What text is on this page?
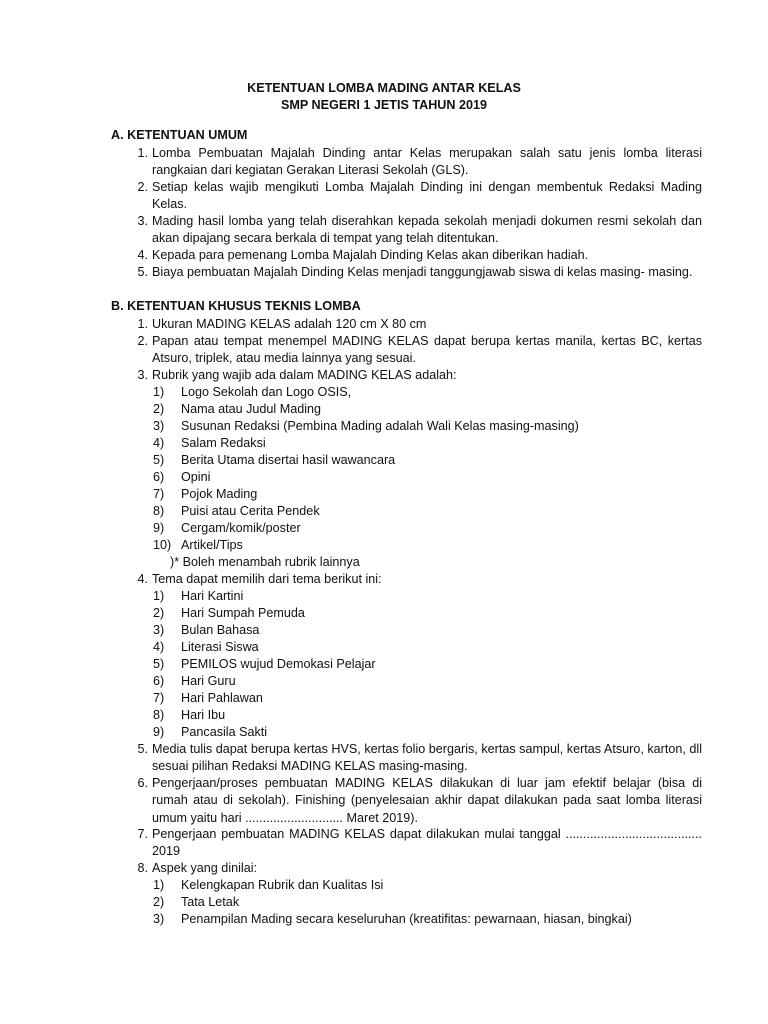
KETENTUAN LOMBA MADING ANTAR KELAS
SMP NEGERI 1 JETIS TAHUN 2019
A. KETENTUAN UMUM
1. Lomba Pembuatan Majalah Dinding antar Kelas merupakan salah satu jenis lomba literasi rangkaian dari kegiatan Gerakan Literasi Sekolah (GLS).
2. Setiap kelas wajib mengikuti Lomba Majalah Dinding ini dengan membentuk Redaksi Mading Kelas.
3. Mading hasil lomba yang telah diserahkan kepada sekolah menjadi dokumen resmi sekolah dan akan dipajang secara berkala di tempat yang telah ditentukan.
4. Kepada para pemenang Lomba Majalah Dinding Kelas akan diberikan hadiah.
5. Biaya pembuatan Majalah Dinding Kelas menjadi tanggungjawab siswa di kelas masing- masing.
B. KETENTUAN KHUSUS TEKNIS LOMBA
1. Ukuran MADING KELAS adalah 120 cm X 80 cm
2. Papan atau tempat menempel MADING KELAS dapat berupa kertas manila, kertas BC, kertas Atsuro, triplek, atau media lainnya yang sesuai.
3. Rubrik yang wajib ada dalam MADING KELAS adalah:
1) Logo Sekolah dan Logo OSIS,
2) Nama atau Judul Mading
3) Susunan Redaksi (Pembina Mading adalah Wali Kelas masing-masing)
4) Salam Redaksi
5) Berita Utama disertai hasil wawancara
6) Opini
7) Pojok Mading
8) Puisi atau Cerita Pendek
9) Cergam/komik/poster
10) Artikel/Tips
)* Boleh menambah rubrik lainnya
4. Tema dapat memilih dari tema berikut ini:
1) Hari Kartini
2) Hari Sumpah Pemuda
3) Bulan Bahasa
4) Literasi Siswa
5) PEMILOS wujud Demokasi Pelajar
6) Hari Guru
7) Hari Pahlawan
8) Hari Ibu
9) Pancasila Sakti
5. Media tulis dapat berupa kertas HVS, kertas folio bergaris, kertas sampul, kertas Atsuro, karton, dll sesuai pilihan Redaksi MADING KELAS masing-masing.
6. Pengerjaan/proses pembuatan MADING KELAS dilakukan di luar jam efektif belajar (bisa di rumah atau di sekolah). Finishing (penyelesaian akhir dapat dilakukan pada saat lomba literasi umum yaitu hari ............................ Maret 2019).
7. Pengerjaan pembuatan MADING KELAS dapat dilakukan mulai tanggal ....................................... 2019
8. Aspek yang dinilai:
1) Kelengkapan Rubrik dan Kualitas Isi
2) Tata Letak
3) Penampilan Mading secara keseluruhan (kreatifitas: pewarnaan, hiasan, bingkai)
